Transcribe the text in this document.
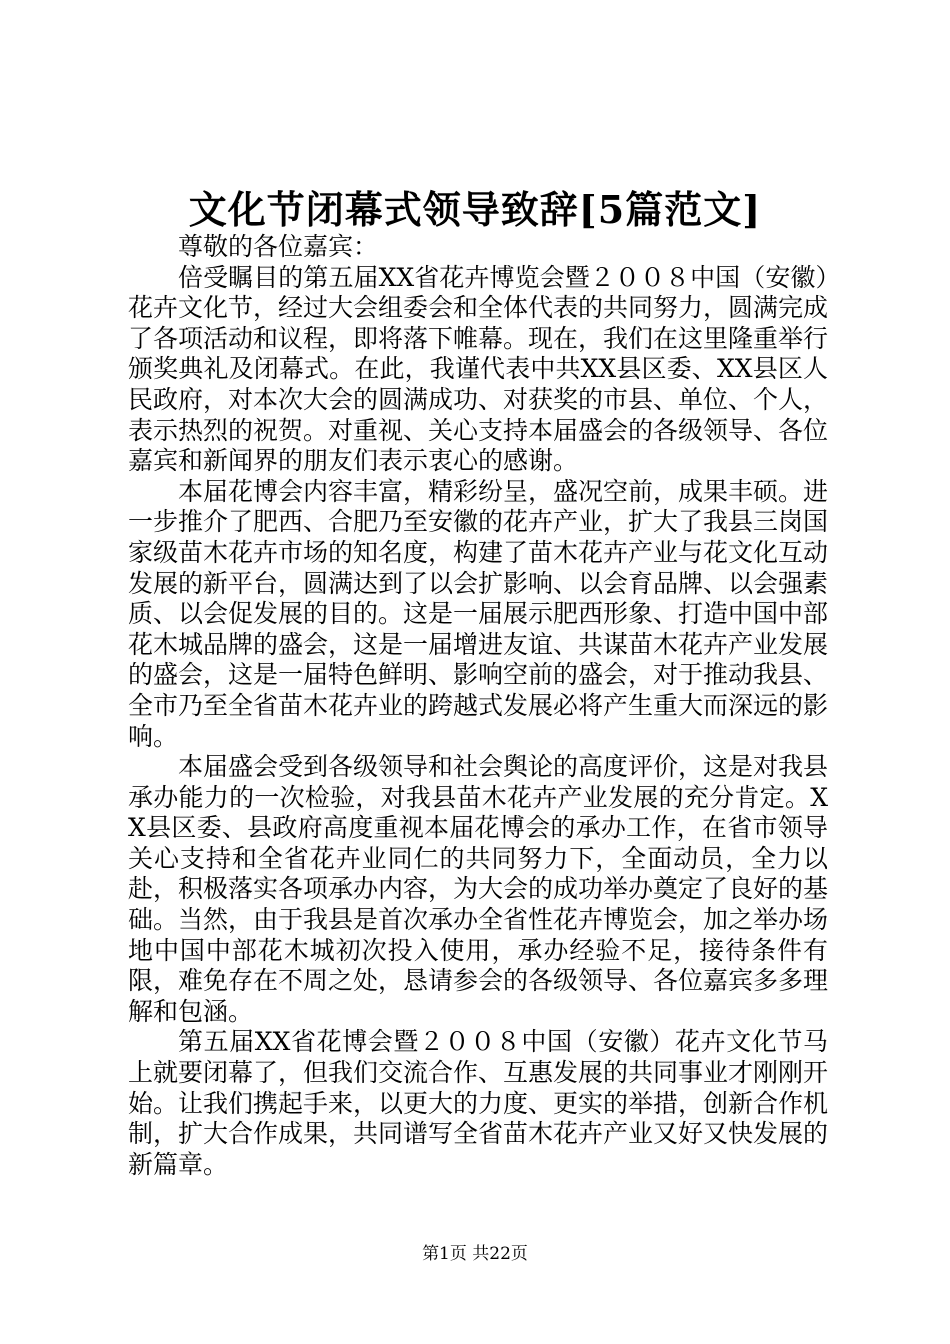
文化节闭幕式领导致辞[5篇范文]

尊敬的各位嘉宾：

倍受瞩目的第五届XX省花卉博览会暨２００８中国（安徽）花卉文化节，经过大会组委会和全体代表的共同努力，圆满完成了各项活动和议程，即将落下帷幕。现在，我们在这里隆重举行颁奖典礼及闭幕式。在此，我谨代表中共XX县区委、XX县区人民政府，对本次大会的圆满成功、对获奖的市县、单位、个人，表示热烈的祝贺。对重视、关心支持本届盛会的各级领导、各位嘉宾和新闻界的朋友们表示衷心的感谢。

本届花博会内容丰富，精彩纷呈，盛况空前，成果丰硕。进一步推介了肥西、合肥乃至安徽的花卉产业，扩大了我县三岗国家级苗木花卉市场的知名度，构建了苗木花卉产业与花文化互动发展的新平台，圆满达到了以会扩影响、以会育品牌、以会强素质、以会促发展的目的。这是一届展示肥西形象、打造中国中部花木城品牌的盛会，这是一届增进友谊、共谋苗木花卉产业发展的盛会，这是一届特色鲜明、影响空前的盛会，对于推动我县、全市乃至全省苗木花卉业的跨越式发展必将产生重大而深远的影响。

本届盛会受到各级领导和社会舆论的高度评价，这是对我县承办能力的一次检验，对我县苗木花卉产业发展的充分肯定。XX县区委、县政府高度重视本届花博会的承办工作，在省市领导关心支持和全省花卉业同仁的共同努力下，全面动员，全力以赴，积极落实各项承办内容，为大会的成功举办奠定了良好的基础。当然，由于我县是首次承办全省性花卉博览会，加之举办场地中国中部花木城初次投入使用，承办经验不足，接待条件有限，难免存在不周之处，恳请参会的各级领导、各位嘉宾多多理解和包涵。

第五届XX省花博会暨２００８中国（安徽）花卉文化节马上就要闭幕了，但我们交流合作、互惠发展的共同事业才刚刚开始。让我们携起手来，以更大的力度、更实的举措，创新合作机制，扩大合作成果，共同谱写全省苗木花卉产业又好又快发展的新篇章。

第1页 共22页
